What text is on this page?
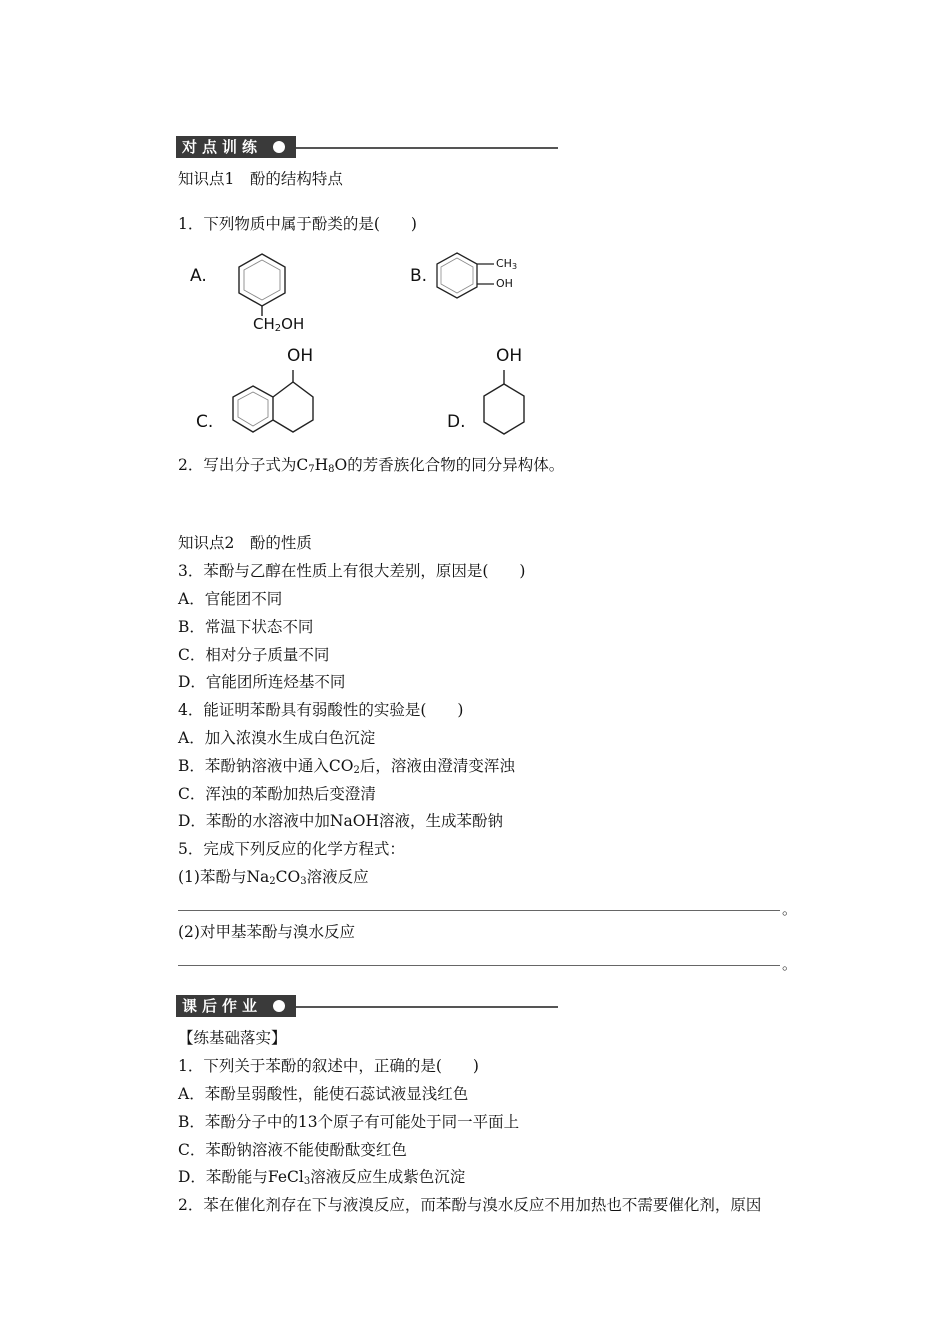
对点训练
知识点1　酚的结构特点
1．下列物质中属于酚类的是(　　)
A.
$CH_2OH$
B.
$CH_3$
OH
OH
C.
OH
D.
2．写出分子式为$C_7H_8O$的芳香族化合物的同分异构体。
知识点2　酚的性质
3．苯酚与乙醇在性质上有很大差别，原因是(　　)
A．官能团不同
B．常温下状态不同
C．相对分子质量不同
D．官能团所连烃基不同
4．能证明苯酚具有弱酸性的实验是(　　)
A．加入浓溴水生成白色沉淀
B．苯酚钠溶液中通入$CO_2$后，溶液由澄清变浑浊
C．浑浊的苯酚加热后变澄清
D．苯酚的水溶液中加NaOH溶液，生成苯酚钠
5．完成下列反应的化学方程式：
(1)苯酚与$Na_2CO_3$溶液反应
。
(2)对甲基苯酚与溴水反应
。
课后作业
【练基础落实】
1．下列关于苯酚的叙述中，正确的是(　　)
A．苯酚呈弱酸性，能使石蕊试液显浅红色
B．苯酚分子中的13个原子有可能处于同一平面上
C．苯酚钠溶液不能使酚酞变红色
D．苯酚能与FeCl$_3$溶液反应生成紫色沉淀
2．苯在催化剂存在下与液溴反应，而苯酚与溴水反应不用加热也不需要催化剂，原因
